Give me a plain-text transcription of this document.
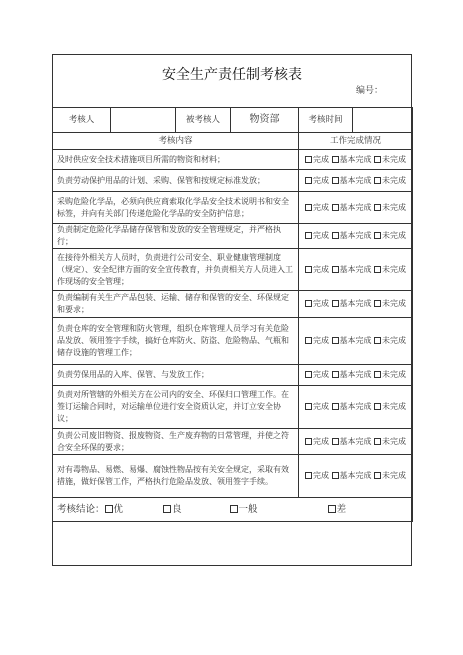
安全生产责任制考核表
编号：
考核人		被考核人	物资部	考核时间	
考核内容				工作完成情况	
及时供应安全技术措施项目所需的物资和材料；				完成 基本完成 未完成	

负责劳动保护用品的计划、采购、保管和按规定标准发放；				完成 基本完成 未完成	

采购危险化学品，必须向供应商索取化学品安全技术说明书和安全标签，并向有关部门传递危险化学品的安全防护信息；				完成 基本完成 未完成	

负责制定危险化学品储存保管和发放的安全管理规定，并严格执行；				完成 基本完成 未完成	

在接待外相关方人员时，负责进行公司安全、职业健康管理制度（规定）、安全纪律方面的安全宣传教育，并负责相关方人员进入工作现场的安全管理；				完成 基本完成 未完成	

负责编制有关生产产品包装、运输、储存和保管的安全、环保规定和要求；				完成 基本完成 未完成	

负责仓库的安全管理和防火管理，组织仓库管理人员学习有关危险品发放、领用签字手续，搞好仓库防火、防盗、危险物品、气瓶和储存设施的管理工作；				完成 基本完成 未完成	

负责劳保用品的入库、保管、与发放工作；				完成 基本完成 未完成	

负责对所管辖的外相关方在公司内的安全、环保归口管理工作。在签订运输合同时，对运输单位进行安全资质认定，并订立安全协议；				完成 基本完成 未完成	

负责公司废旧物资、报废物资、生产废弃物的日常管理，并使之符合安全环保的要求；				完成 基本完成 未完成	

对有毒物品、易燃、易爆、腐蚀性物品按有关安全规定，采取有效措施，做好保管工作，严格执行危险品发放、领用签字手续。				完成 基本完成 未完成	

考核结论： 优 良 一般 差					
